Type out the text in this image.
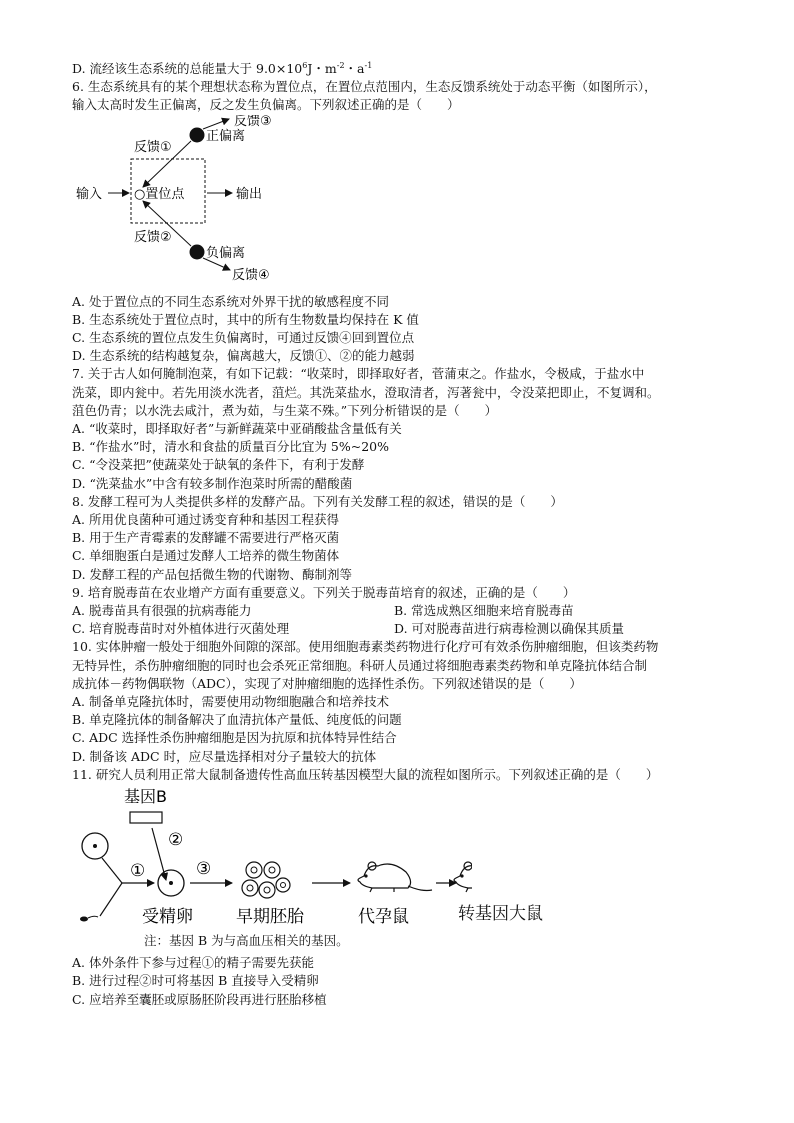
D. 流经该生态系统的总能量大于 $9.0\times 10^6J$・$m^{-2}$・$a^{-1}$
6. 生态系统具有的某个理想状态称为置位点，在置位点范围内，生态反馈系统处于动态平衡（如图所示），
输入太高时发生正偏离，反之发生负偏离。下列叙述正确的是（　　）
输入	输出
○置位点
正偏离
负偏离
反馈①
反馈②
反馈③
反馈④
A. 处于置位点的不同生态系统对外界干扰的敏感程度不同
B. 生态系统处于置位点时，其中的所有生物数量均保持在 K 值
C. 生态系统的置位点发生负偏离时，可通过反馈④回到置位点
D. 生态系统的结构越复杂，偏离越大，反馈①、②的能力越弱
7. 关于古人如何腌制泡菜，有如下记载：“收菜时，即择取好者，菅蒲束之。作盐水，令极咸，于盐水中
洗菜，即内瓮中。若先用淡水洗者，菹烂。其洗菜盐水，澄取清者，泻著瓮中，令没菜把即止，不复调和。
菹色仍青；以水洗去咸汁，煮为茹，与生菜不殊。”下列分析错误的是（　　）
A. “收菜时，即择取好者”与新鲜蔬菜中亚硝酸盐含量低有关
B. “作盐水”时，清水和食盐的质量百分比宜为 5%~20%
C. “令没菜把”使蔬菜处于缺氧的条件下，有利于发酵
D. “洗菜盐水”中含有较多制作泡菜时所需的醋酸菌
8. 发酵工程可为人类提供多样的发酵产品。下列有关发酵工程的叙述，错误的是（　　）
A. 所用优良菌种可通过诱变育种和基因工程获得
B. 用于生产青霉素的发酵罐不需要进行严格灭菌
C. 单细胞蛋白是通过发酵人工培养的微生物菌体
D. 发酵工程的产品包括微生物的代谢物、酶制剂等
9. 培育脱毒苗在农业增产方面有重要意义。下列关于脱毒苗培育的叙述，正确的是（　　）
A. 脱毒苗具有很强的抗病毒能力	B. 常选成熟区细胞来培育脱毒苗
C. 培育脱毒苗时对外植体进行灭菌处理	D. 可对脱毒苗进行病毒检测以确保其质量
10. 实体肿瘤一般处于细胞外间隙的深部。使用细胞毒素类药物进行化疗可有效杀伤肿瘤细胞，但该类药物
无特异性，杀伤肿瘤细胞的同时也会杀死正常细胞。科研人员通过将细胞毒素类药物和单克隆抗体结合制
成抗体－药物偶联物（ADC），实现了对肿瘤细胞的选择性杀伤。下列叙述错误的是（　　）
A. 制备单克隆抗体时，需要使用动物细胞融合和培养技术
B. 单克隆抗体的制备解决了血清抗体产量低、纯度低的问题
C. ADC 选择性杀伤肿瘤细胞是因为抗原和抗体特异性结合
D. 制备该 ADC 时，应尽量选择相对分子量较大的抗体
11. 研究人员利用正常大鼠制备遗传性高血压转基因模型大鼠的流程如图所示。下列叙述正确的是（　　）
基因B
②
①	③
受精卵	早期胚胎	代孕鼠	转基因大鼠
注：基因 B 为与高血压相关的基因。
A. 体外条件下参与过程①的精子需要先获能
B. 进行过程②时可将基因 B 直接导入受精卵
C. 应培养至囊胚或原肠胚阶段再进行胚胎移植
